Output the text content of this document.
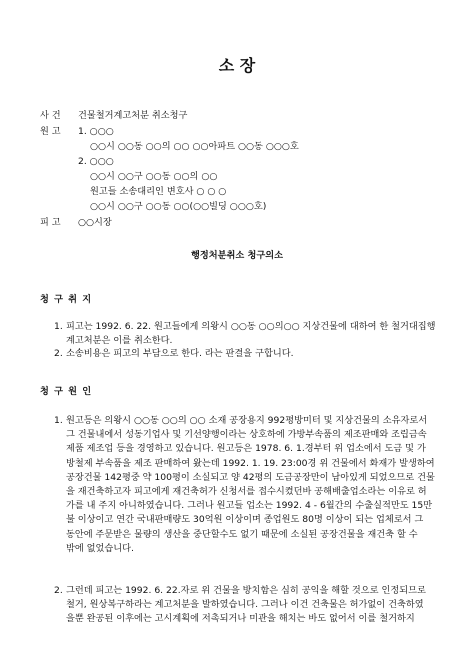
소 장
사 건 건물철거계고처분 취소청구
원 고 1. ○○○
○○시 ○○동 ○○의 ○○ ○○아파트 ○○동 ○○○호
2. ○○○
○○시 ○○구 ○○동 ○○의 ○○
원고들 소송대리인 변호사 ○ ○ ○
○○시 ○○구 ○○동 ○○(○○빌딩 ○○○호)
피 고 ○○시장
행정처분취소 청구의소
청 구 취 지
1. 피고는 1992. 6. 22. 원고들에게 의왕시 ○○동 ○○의○○ 지상건물에 대하여 한 철거대집행
계고처분은 이를 취소한다.
2. 소송비용은 피고의 부담으로 한다. 라는 판결을 구합니다.
청 구 원 인
1. 원고등은 의왕시 ○○동 ○○의 ○○ 소재 공장용지 992평방미터 및 지상건물의 소유자로서
그 건물내에서 성동기업사 및 기선양행이라는 상호하에 가방부속품의 제조판매와 조립금속
제품 제조업 등을 경영하고 있습니다. 원고등은 1978. 6. 1.경부터 위 업소에서 도금 및 가
방철제 부속품을 제조 판매하여 왔는데 1992. 1. 19. 23:00경 위 건물에서 화재가 발생하여
공장건물 142평중 약 100평이 소실되고 양 42평의 도금공장만이 남아있게 되었으므로 건물
을 재건축하고자 피고에게 재건축허가 신청서를 접수시켰던바 공해배출업소라는 이유로 허
가를 내 주지 아니하였습니다. 그러나 원고들 업소는 1992. 4 - 6월간의 수출실적만도 15만
불 이상이고 연간 국내판매량도 30억원 이상이며 종업원도 80명 이상이 되는 업체로서 그
동안에 주문받은 물량의 생산을 중단할수도 없기 때문에 소실된 공장건물을 재건축 할 수
밖에 없었습니다.
2. 그런데 피고는 1992. 6. 22.자로 위 건물을 방치함은 심히 공익을 해할 것으로 인정되므로
철거, 원상복구하라는 계고처분을 발하였습니다. 그러나 이건 건축물은 허가없이 건축하였
을뿐 완공된 이후에는 고시계획에 저촉되거나 미관을 해치는 바도 없어서 이를 철거하지
